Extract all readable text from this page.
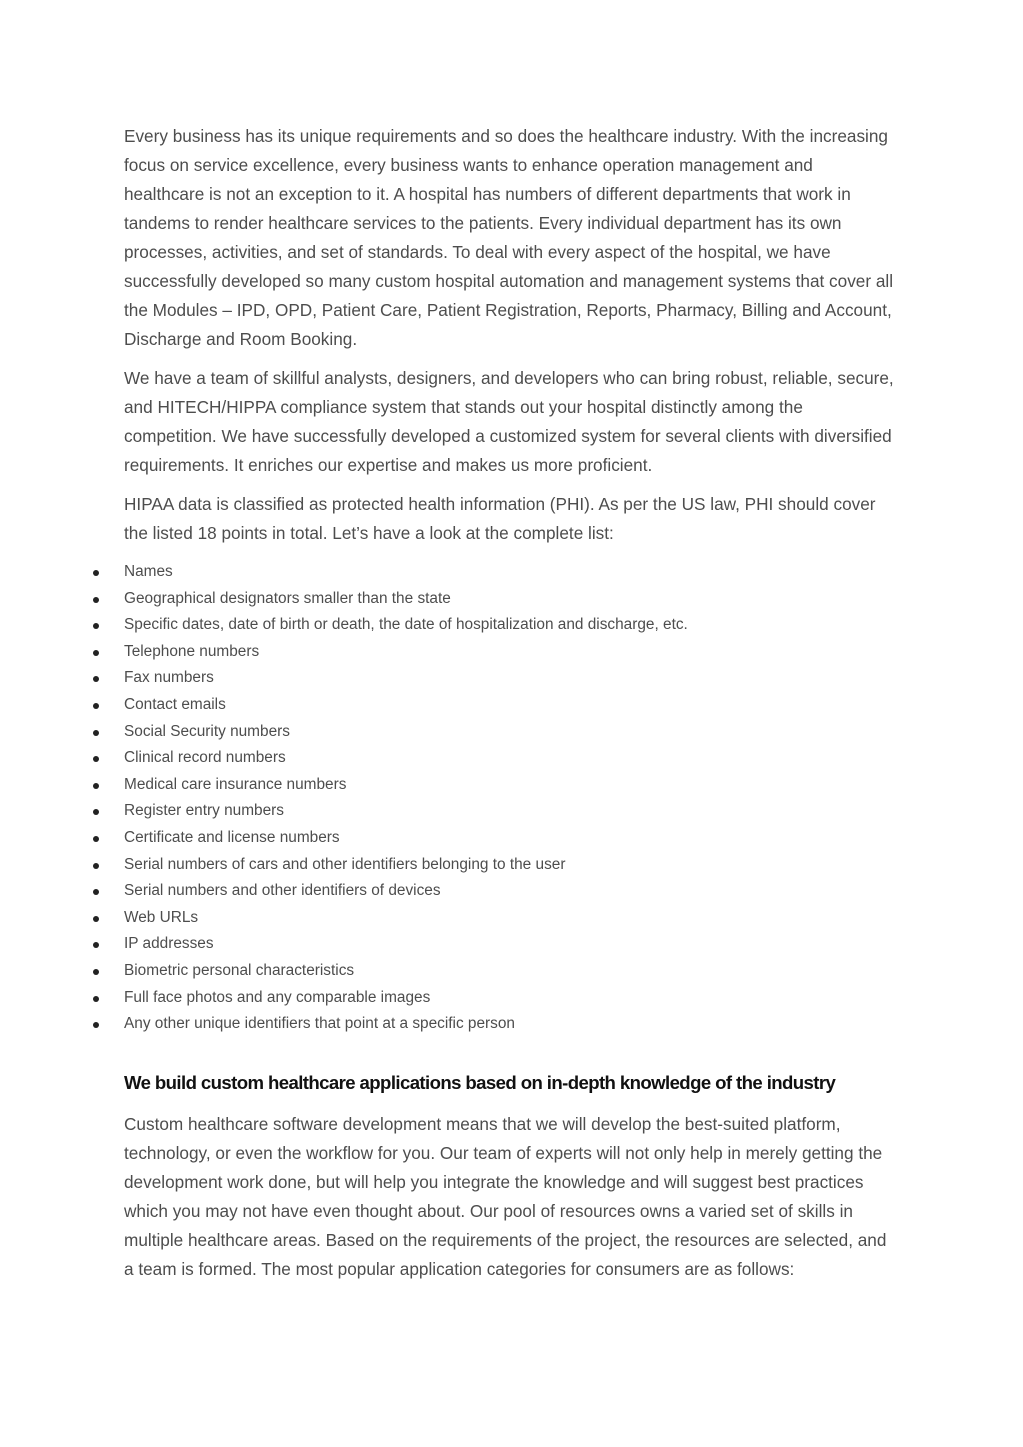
Every business has its unique requirements and so does the healthcare industry. With the increasing focus on service excellence, every business wants to enhance operation management and healthcare is not an exception to it. A hospital has numbers of different departments that work in tandems to render healthcare services to the patients. Every individual department has its own processes, activities, and set of standards. To deal with every aspect of the hospital, we have successfully developed so many custom hospital automation and management systems that cover all the Modules – IPD, OPD, Patient Care, Patient Registration, Reports, Pharmacy, Billing and Account, Discharge and Room Booking.

We have a team of skillful analysts, designers, and developers who can bring robust, reliable, secure, and HITECH/HIPPA compliance system that stands out your hospital distinctly among the competition. We have successfully developed a customized system for several clients with diversified requirements. It enriches our expertise and makes us more proficient.

HIPAA data is classified as protected health information (PHI). As per the US law, PHI should cover the listed 18 points in total. Let’s have a look at the complete list:

Names
Geographical designators smaller than the state
Specific dates, date of birth or death, the date of hospitalization and discharge, etc.
Telephone numbers
Fax numbers
Contact emails
Social Security numbers
Clinical record numbers
Medical care insurance numbers
Register entry numbers
Certificate and license numbers
Serial numbers of cars and other identifiers belonging to the user
Serial numbers and other identifiers of devices
Web URLs
IP addresses
Biometric personal characteristics
Full face photos and any comparable images
Any other unique identifiers that point at a specific person
We build custom healthcare applications based on in-depth knowledge of the industry

Custom healthcare software development means that we will develop the best-suited platform, technology, or even the workflow for you. Our team of experts will not only help in merely getting the development work done, but will help you integrate the knowledge and will suggest best practices which you may not have even thought about. Our pool of resources owns a varied set of skills in multiple healthcare areas. Based on the requirements of the project, the resources are selected, and a team is formed. The most popular application categories for consumers are as follows:
